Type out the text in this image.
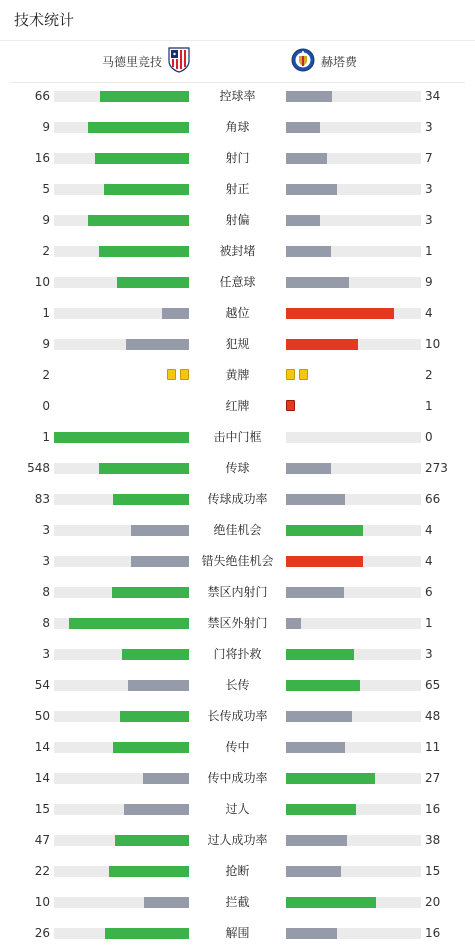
技术统计
马德里竞技	赫塔费
66	控球率	34
9	角球	3
16	射门	7
5	射正	3
9	射偏	3
2	被封堵	1
10	任意球	9
1	越位	4
9	犯规	10
2	黄牌	2
0	红牌	1
1	击中门框	0
548	传球	273
83	传球成功率	66
3	绝佳机会	4
3	错失绝佳机会	4
8	禁区内射门	6
8	禁区外射门	1
3	门将扑救	3
54	长传	65
50	长传成功率	48
14	传中	11
14	传中成功率	27
15	过人	16
47	过人成功率	38
22	抢断	15
10	拦截	20
26	解围	16
